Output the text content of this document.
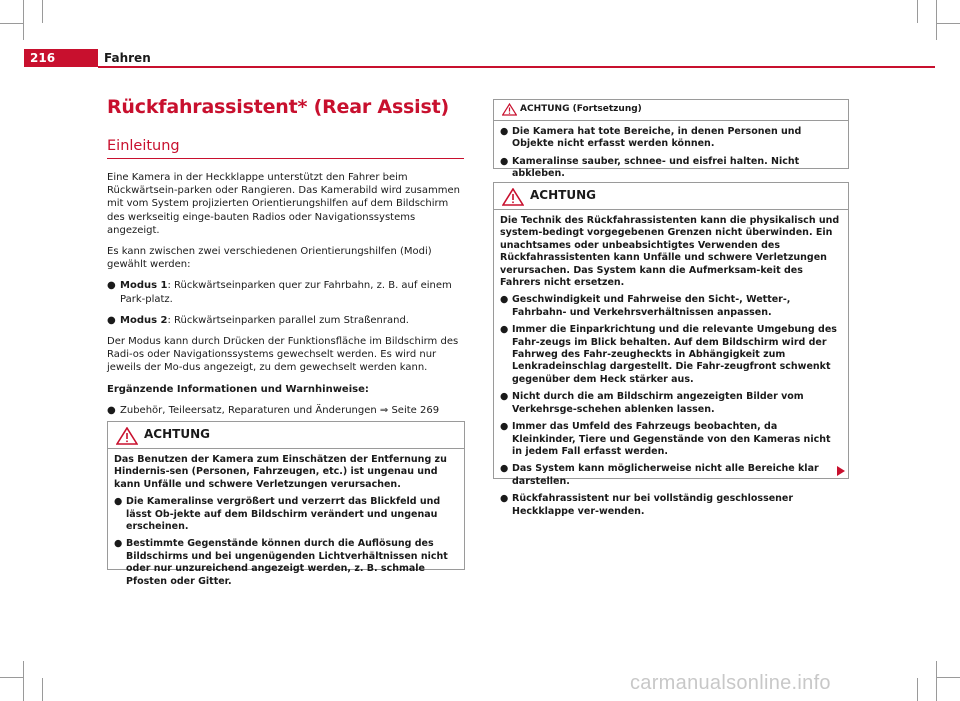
216	Fahren
Rückfahrassistent* (Rear Assist)
Einleitung

Eine Kamera in der Heckklappe unterstützt den Fahrer beim Rückwärtsein-parken oder Rangieren. Das Kamerabild wird zusammen mit vom System projizierten Orientierungshilfen auf dem Bildschirm des werkseitig einge-bauten Radios oder Navigationssystems angezeigt.

Es kann zwischen zwei verschiedenen Orientierungshilfen (Modi) gewählt werden:

● Modus 1: Rückwärtseinparken quer zur Fahrbahn, z. B. auf einem Park-platz.
● Modus 2: Rückwärtseinparken parallel zum Straßenrand.

Der Modus kann durch Drücken der Funktionsfläche im Bildschirm des Radi-os oder Navigationssystems gewechselt werden. Es wird nur jeweils der Mo-dus angezeigt, zu dem gewechselt werden kann.

Ergänzende Informationen und Warnhinweise:

● Zubehör, Teileersatz, Reparaturen und Änderungen ⇒ Seite 269
ACHTUNG

Das Benutzen der Kamera zum Einschätzen der Entfernung zu Hindernis-sen (Personen, Fahrzeugen, etc.) ist ungenau und kann Unfälle und schwere Verletzungen verursachen.

● Die Kameralinse vergrößert und verzerrt das Blickfeld und lässt Ob-jekte auf dem Bildschirm verändert und ungenau erscheinen.
● Bestimmte Gegenstände können durch die Auflösung des Bildschirms und bei ungenügenden Lichtverhältnissen nicht oder nur unzureichend angezeigt werden, z. B. schmale Pfosten oder Gitter.
ACHTUNG (Fortsetzung)
● Die Kamera hat tote Bereiche, in denen Personen und Objekte nicht erfasst werden können.
● Kameralinse sauber, schnee- und eisfrei halten. Nicht abkleben.
ACHTUNG

Die Technik des Rückfahrassistenten kann die physikalisch und system-bedingt vorgegebenen Grenzen nicht überwinden. Ein unachtsames oder unbeabsichtigtes Verwenden des Rückfahrassistenten kann Unfälle und schwere Verletzungen verursachen. Das System kann die Aufmerksam-keit des Fahrers nicht ersetzen.

● Geschwindigkeit und Fahrweise den Sicht-, Wetter-, Fahrbahn- und Verkehrsverhältnissen anpassen.
● Immer die Einparkrichtung und die relevante Umgebung des Fahr-zeugs im Blick behalten. Auf dem Bildschirm wird der Fahrweg des Fahr-zeugheckts in Abhängigkeit zum Lenkradeinschlag dargestellt. Die Fahr-zeugfront schwenkt gegenüber dem Heck stärker aus.
● Nicht durch die am Bildschirm angezeigten Bilder vom Verkehrsge-schehen ablenken lassen.
● Immer das Umfeld des Fahrzeugs beobachten, da Kleinkinder, Tiere und Gegenstände von den Kameras nicht in jedem Fall erfasst werden.
● Das System kann möglicherweise nicht alle Bereiche klar darstellen.
● Rückfahrassistent nur bei vollständig geschlossener Heckklappe ver-wenden.
carmanualsonline.info
